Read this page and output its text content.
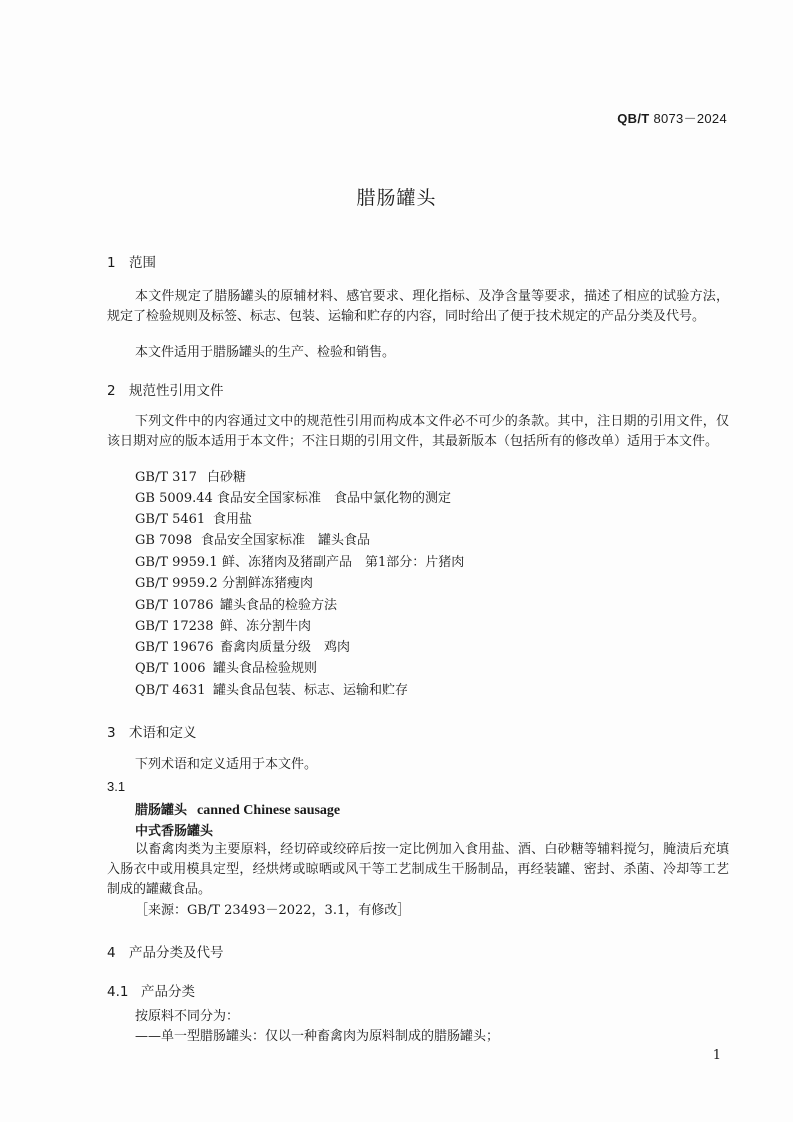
QB/T 8073－2024
腊肠罐头
1 范围

本文件规定了腊肠罐头的原辅材料、感官要求、理化指标、及净含量等要求，描述了相应的试验方法，规定了检验规则及标签、标志、包装、运输和贮存的内容，同时给出了便于技术规定的产品分类及代号。

本文件适用于腊肠罐头的生产、检验和销售。

2 规范性引用文件

下列文件中的内容通过文中的规范性引用而构成本文件必不可少的条款。其中，注日期的引用文件，仅该日期对应的版本适用于本文件；不注日期的引用文件，其最新版本（包括所有的修改单）适用于本文件。

GB/T 317 白砂糖
GB 5009.44 食品安全国家标准　食品中氯化物的测定
GB/T 5461 食用盐
GB 7098 食品安全国家标准　罐头食品
GB/T 9959.1 鲜、冻猪肉及猪副产品　第1部分：片猪肉
GB/T 9959.2 分割鲜冻猪瘦肉
GB/T 10786 罐头食品的检验方法
GB/T 17238 鲜、冻分割牛肉
GB/T 19676 畜禽肉质量分级　鸡肉
QB/T 1006 罐头食品检验规则
QB/T 4631 罐头食品包装、标志、运输和贮存
3 术语和定义

下列术语和定义适用于本文件。

3.1
腊肠罐头 canned Chinese sausage
中式香肠罐头

以畜禽肉类为主要原料，经切碎或绞碎后按一定比例加入食用盐、酒、白砂糖等辅料搅匀，腌渍后充填入肠衣中或用模具定型，经烘烤或晾晒或风干等工艺制成生干肠制品，再经装罐、密封、杀菌、冷却等工艺制成的罐藏食品。

［来源：GB/T 23493－2022，3.1，有修改］
4 产品分类及代号
4.1 产品分类
按原料不同分为：
——单一型腊肠罐头：仅以一种畜禽肉为原料制成的腊肠罐头；
1
